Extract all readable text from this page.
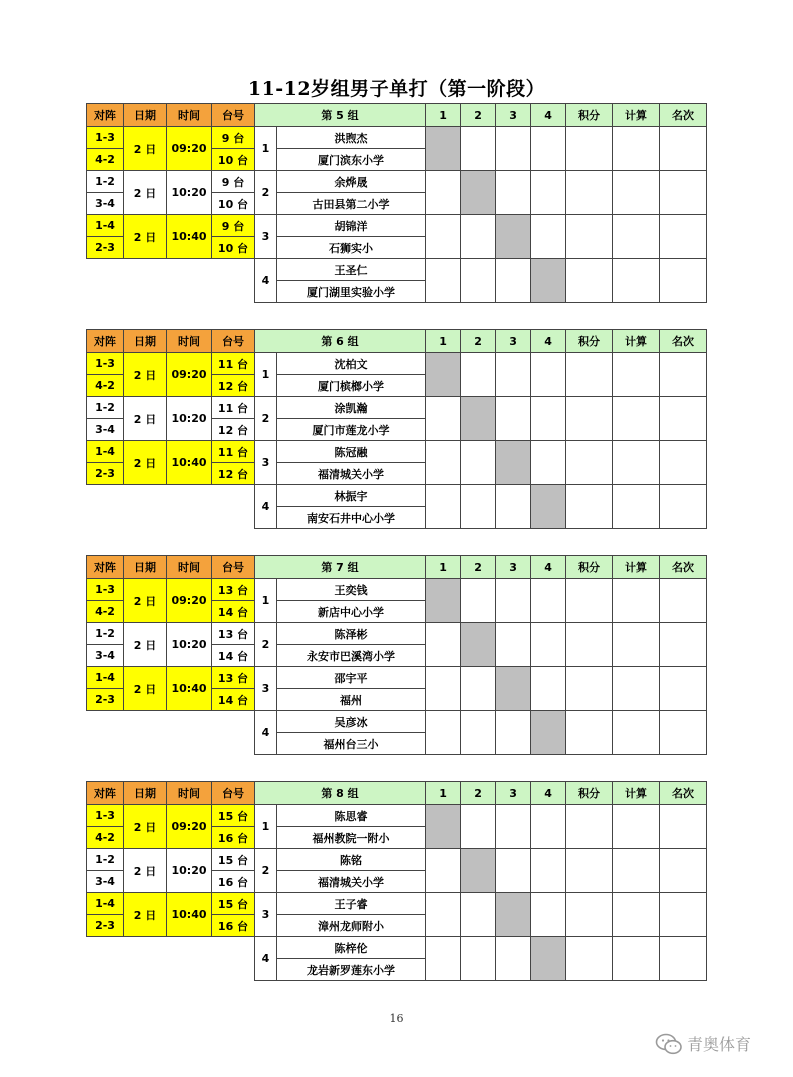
11-12岁组男子单打（第一阶段）
对阵	日期	时间	台号	第 5 组		1	2	3	4	积分	计算	名次
1-3	2 日	09:20	9 台	1	洪煦杰							
4-2			10 台		厦门滨东小学							
1-2	2 日	10:20	9 台	2	余烨晟							
3-4			10 台		古田县第二小学							
1-4	2 日	10:40	9 台	3	胡锦洋							
2-3			10 台		石狮实小							
				4	王圣仁							
					厦门湖里实验小学							
对阵	日期	时间	台号	第 6 组		1	2	3	4	积分	计算	名次
1-3	2 日	09:20	11 台	1	沈柏文							
4-2			12 台		厦门槟榔小学							
1-2	2 日	10:20	11 台	2	涂凯瀚							
3-4			12 台		厦门市莲龙小学							
1-4	2 日	10:40	11 台	3	陈冠融							
2-3			12 台		福清城关小学							
				4	林振宇							
					南安石井中心小学							
对阵	日期	时间	台号	第 7 组		1	2	3	4	积分	计算	名次
1-3	2 日	09:20	13 台	1	王奕钱							
4-2			14 台		新店中心小学							
1-2	2 日	10:20	13 台	2	陈泽彬							
3-4			14 台		永安市巴溪湾小学							
1-4	2 日	10:40	13 台	3	邵宇平							
2-3			14 台		福州							
				4	吴彦冰							
					福州台三小							
对阵	日期	时间	台号	第 8 组		1	2	3	4	积分	计算	名次
1-3	2 日	09:20	15 台	1	陈思睿							
4-2			16 台		福州教院一附小							
1-2	2 日	10:20	15 台	2	陈铭							
3-4			16 台		福清城关小学							
1-4	2 日	10:40	15 台	3	王子睿							
2-3			16 台		漳州龙师附小							
				4	陈梓伦							
					龙岩新罗莲东小学							
16
青奥体育
